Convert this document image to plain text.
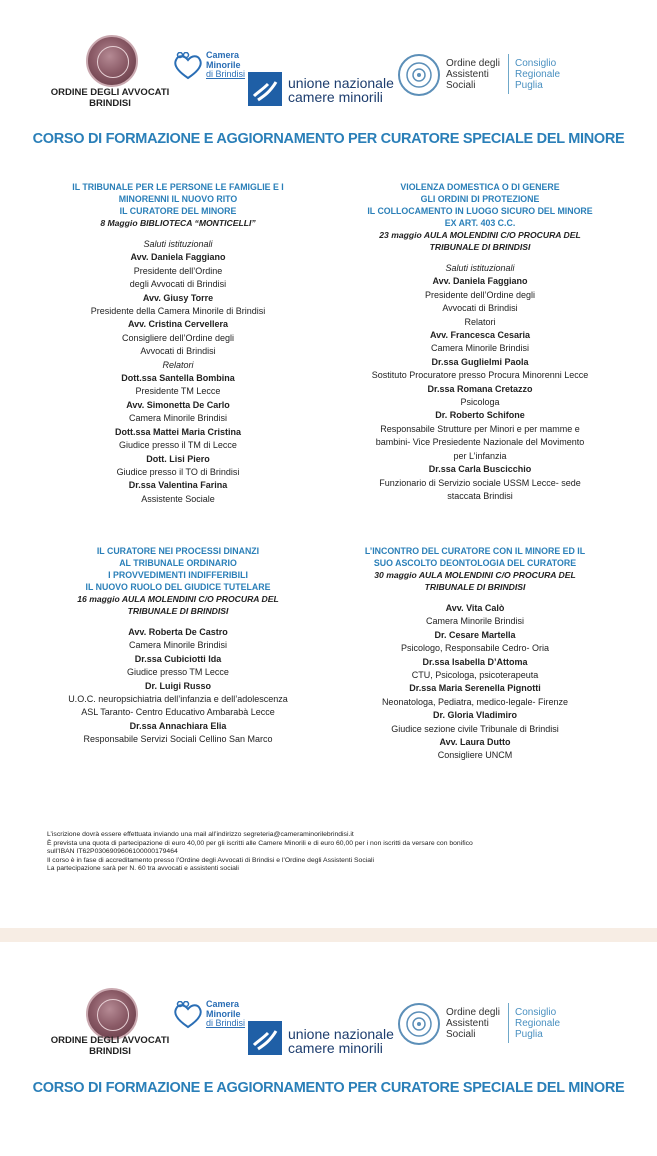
ORDINE DEGLI AVVOCATI
BRINDISI
Camera
Minorile
di Brindisi
unione nazionale
camere minorili
Ordine degli
Assistenti
Sociali
Consiglio
Regionale
Puglia
CORSO DI FORMAZIONE E AGGIORNAMENTO PER CURATORE SPECIALE DEL MINORE
IL TRIBUNALE PER LE PERSONE LE FAMIGLIE E I
MINORENNI IL NUOVO RITO
IL CURATORE DEL MINORE
8 Maggio BIBLIOTECA “MONTICELLI”
Saluti istituzionali
Avv. Daniela Faggiano
Presidente dell’Ordine
degli Avvocati di Brindisi
Avv. Giusy Torre
Presidente della Camera Minorile di Brindisi
Avv. Cristina Cervellera
Consigliere dell’Ordine degli
Avvocati di Brindisi
Relatori
Dott.ssa Santella Bombina
Presidente TM Lecce
Avv. Simonetta De Carlo
Camera Minorile Brindisi
Dott.ssa Mattei Maria Cristina
Giudice presso il TM di Lecce
Dott. Lisi Piero
Giudice presso il TO di Brindisi
Dr.ssa Valentina Farina
Assistente Sociale
VIOLENZA DOMESTICA O DI GENERE
GLI ORDINI DI PROTEZIONE
IL COLLOCAMENTO IN LUOGO SICURO DEL MINORE
EX ART. 403 C.C.
23 maggio AULA MOLENDINI C/O PROCURA DEL
TRIBUNALE DI BRINDISI
Saluti istituzionali
Avv. Daniela Faggiano
Presidente dell’Ordine degli
Avvocati di Brindisi
Relatori
Avv. Francesca Cesaria
Camera Minorile Brindisi
Dr.ssa Guglielmi Paola
Sostituto Procuratore presso Procura Minorenni Lecce
Dr.ssa Romana Cretazzo
Psicologa
Dr. Roberto Schifone
Responsabile Strutture per Minori e per mamme e
bambini- Vice Presiedente Nazionale del Movimento
per L’infanzia
Dr.ssa Carla Buscicchio
Funzionario di Servizio sociale USSM Lecce- sede
staccata Brindisi
IL CURATORE NEI PROCESSI DINANZI
AL TRIBUNALE ORDINARIO
I PROVVEDIMENTI INDIFFERIBILI
IL NUOVO RUOLO DEL GIUDICE TUTELARE
16 maggio AULA MOLENDINI C/O PROCURA DEL
TRIBUNALE DI BRINDISI
Avv. Roberta De Castro
Camera Minorile Brindisi
Dr.ssa Cubiciotti Ida
Giudice presso TM Lecce
Dr. Luigi Russo
U.O.C. neuropsichiatria dell’infanzia e dell’adolescenza
ASL Taranto- Centro Educativo Ambarabà Lecce
Dr.ssa Annachiara Elia
Responsabile Servizi Sociali Cellino San Marco
L’INCONTRO DEL CURATORE CON IL MINORE ED IL
SUO ASCOLTO DEONTOLOGIA DEL CURATORE
30 maggio AULA MOLENDINI C/O PROCURA DEL
TRIBUNALE DI BRINDISI
Avv. Vita Calò
Camera Minorile Brindisi
Dr. Cesare Martella
Psicologo, Responsabile Cedro- Oria
Dr.ssa Isabella D’Attoma
CTU, Psicologa, psicoterapeuta
Dr.ssa Maria Serenella Pignotti
Neonatologa, Pediatra, medico-legale- Firenze
Dr. Gloria Vladimiro
Giudice sezione civile Tribunale di Brindisi
Avv. Laura Dutto
Consigliere UNCM
L’iscrizione dovrà essere effettuata inviando una mail all’indirizzo segreteria@cameraminorilebrindisi.it
È prevista una quota di partecipazione di euro 40,00 per gli iscritti alle Camere Minorili e di euro 60,00 per i non iscritti da versare con bonifico
sull’IBAN IT62P0306909606100000179464
Il corso è in fase di accreditamento presso l’Ordine degli Avvocati di Brindisi e l’Ordine degli Assistenti Sociali
La partecipazione sarà per N. 60 tra avvocati e assistenti sociali
ORDINE DEGLI AVVOCATI
BRINDISI
Camera
Minorile
di Brindisi
unione nazionale
camere minorili
Ordine degli
Assistenti
Sociali
Consiglio
Regionale
Puglia
CORSO DI FORMAZIONE E AGGIORNAMENTO PER CURATORE SPECIALE DEL MINORE
